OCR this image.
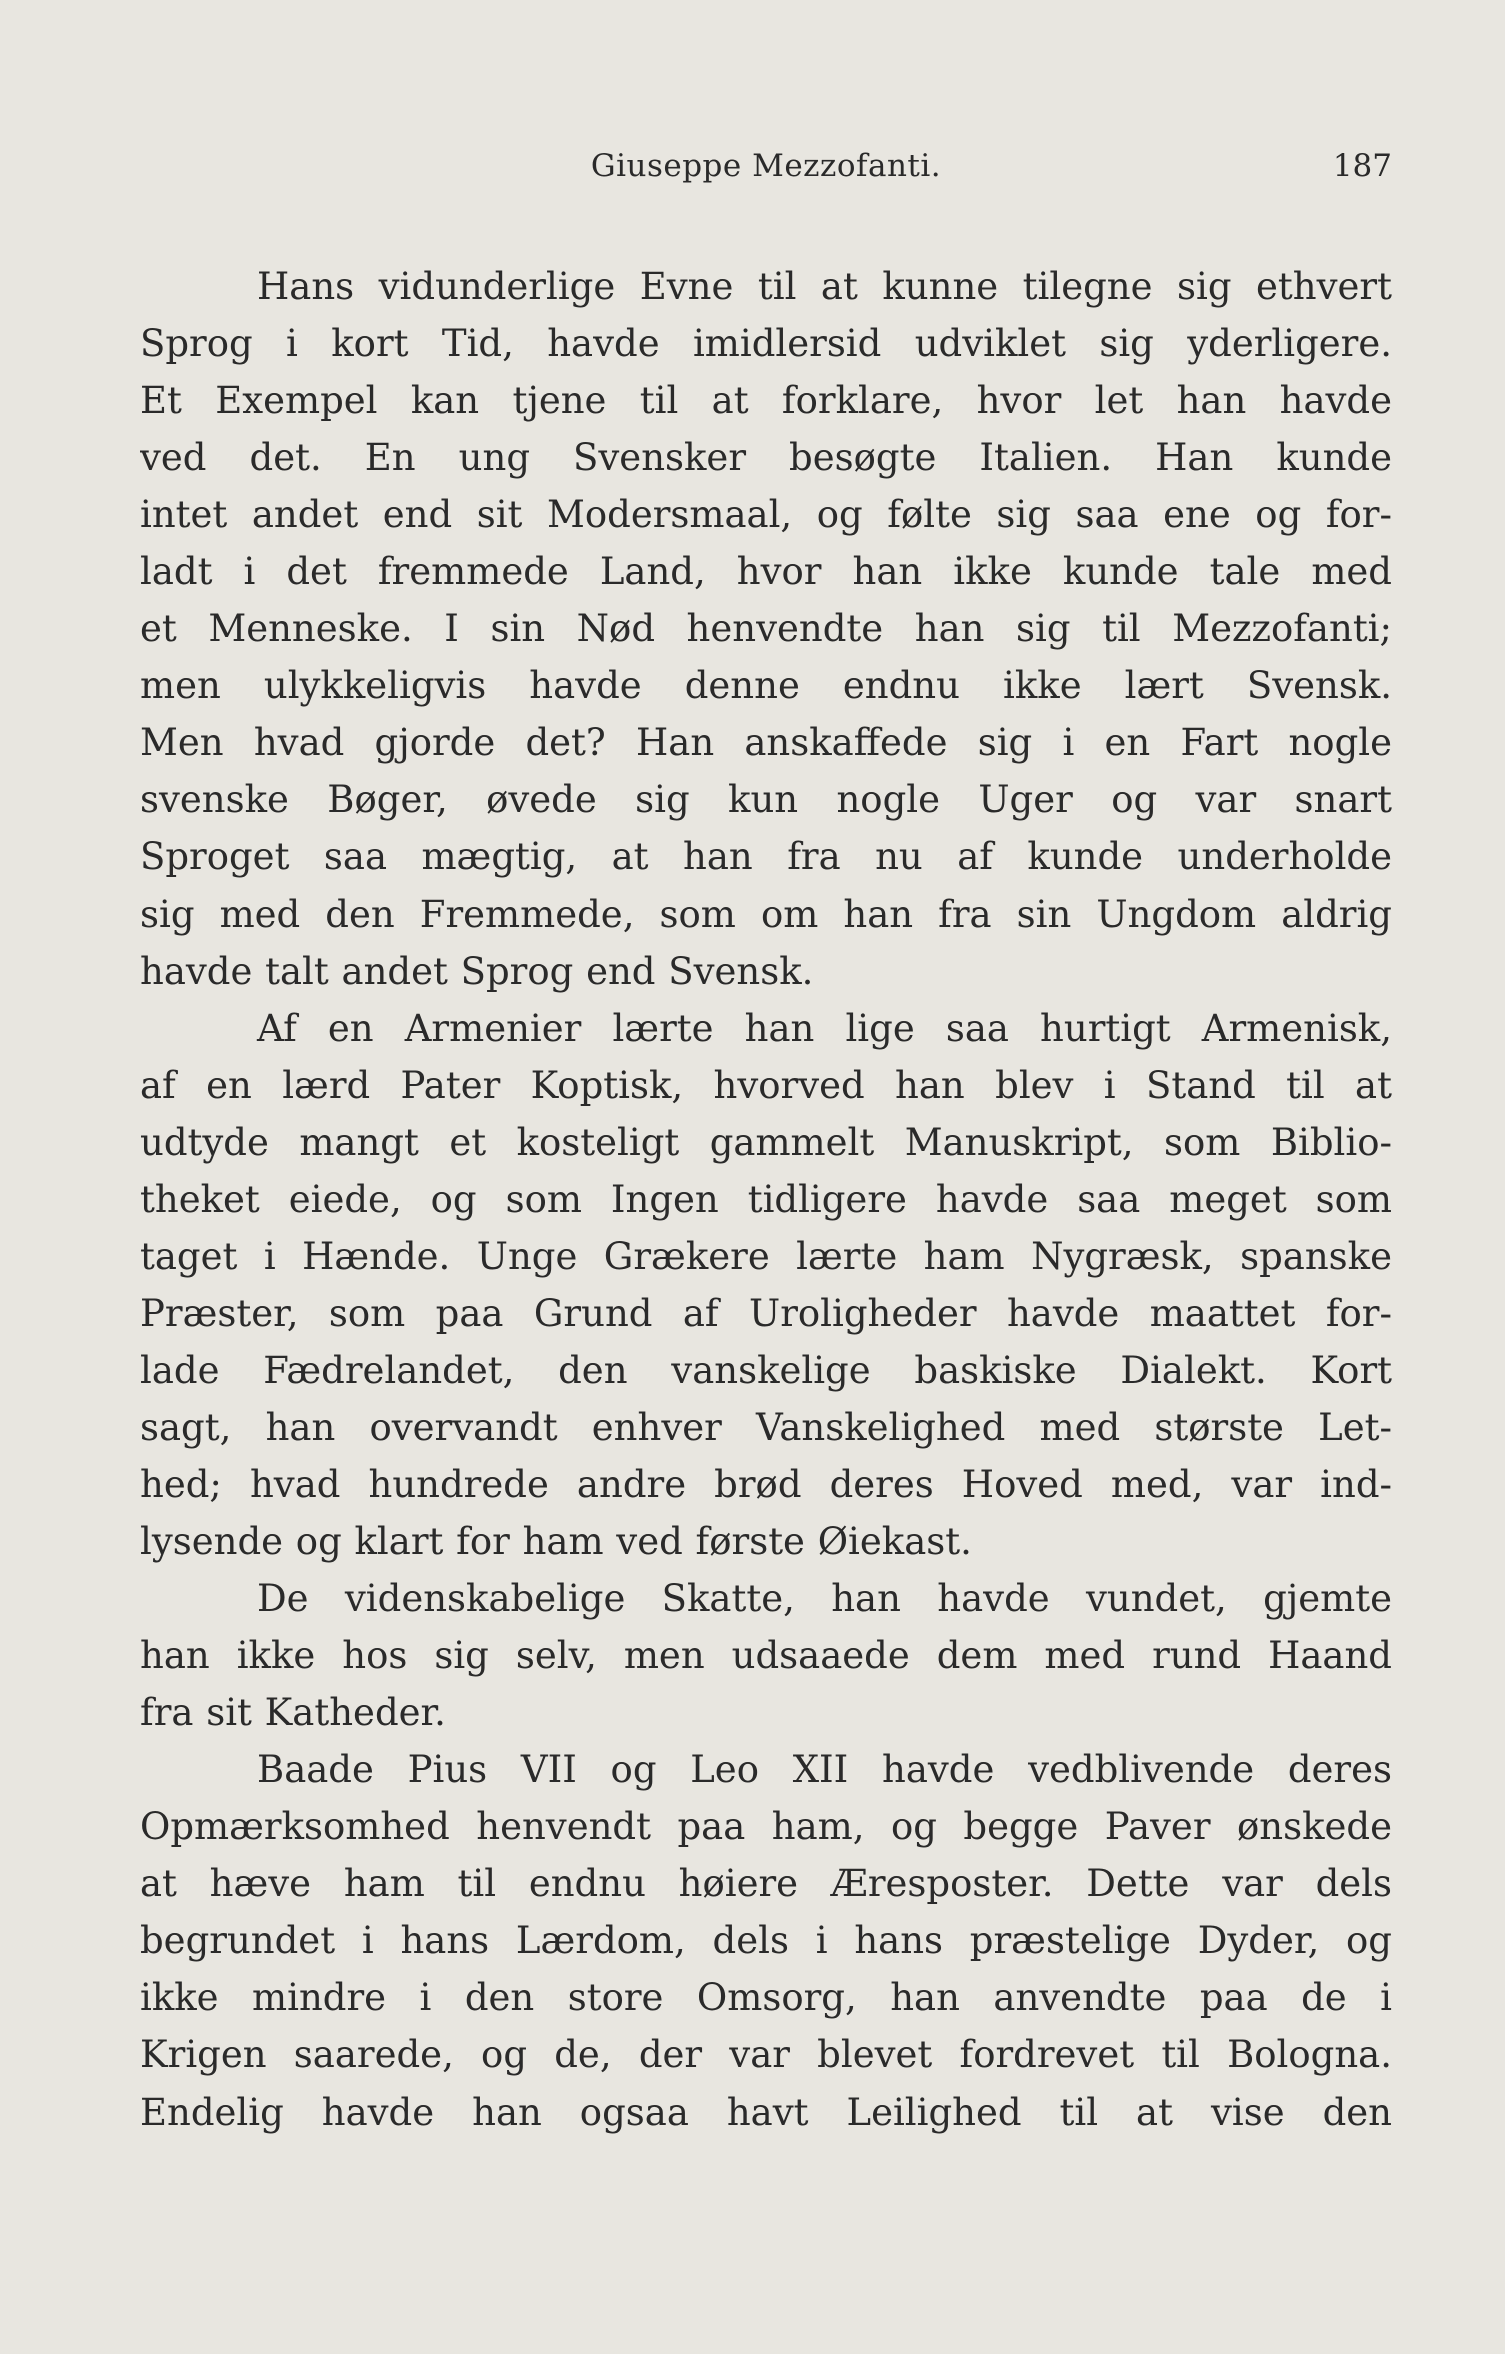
Giuseppe Mezzofanti.	187
Hans vidunderlige Evne til at kunne tilegne sig ethvert
Sprog i kort Tid, havde imidlersid udviklet sig yderligere.
Et Exempel kan tjene til at forklare, hvor let han havde
ved det. En ung Svensker besøgte Italien. Han kunde
intet andet end sit Modersmaal, og følte sig saa ene og for-
ladt i det fremmede Land, hvor han ikke kunde tale med
et Menneske. I sin Nød henvendte han sig til Mezzofanti;
men ulykkeligvis havde denne endnu ikke lært Svensk.
Men hvad gjorde det? Han anskaffede sig i en Fart nogle
svenske Bøger, øvede sig kun nogle Uger og var snart
Sproget saa mægtig, at han fra nu af kunde underholde
sig med den Fremmede, som om han fra sin Ungdom aldrig
havde talt andet Sprog end Svensk.
Af en Armenier lærte han lige saa hurtigt Armenisk,
af en lærd Pater Koptisk, hvorved han blev i Stand til at
udtyde mangt et kosteligt gammelt Manuskript, som Biblio-
theket eiede, og som Ingen tidligere havde saa meget som
taget i Hænde. Unge Grækere lærte ham Nygræsk, spanske
Præster, som paa Grund af Uroligheder havde maattet for-
lade Fædrelandet, den vanskelige baskiske Dialekt. Kort
sagt, han overvandt enhver Vanskelighed med største Let-
hed; hvad hundrede andre brød deres Hoved med, var ind-
lysende og klart for ham ved første Øiekast.
De videnskabelige Skatte, han havde vundet, gjemte
han ikke hos sig selv, men udsaaede dem med rund Haand
fra sit Katheder.
Baade Pius VII og Leo XII havde vedblivende deres
Opmærksomhed henvendt paa ham, og begge Paver ønskede
at hæve ham til endnu høiere Æresposter. Dette var dels
begrundet i hans Lærdom, dels i hans præstelige Dyder, og
ikke mindre i den store Omsorg, han anvendte paa de i
Krigen saarede, og de, der var blevet fordrevet til Bologna.
Endelig havde han ogsaa havt Leilighed til at vise den
